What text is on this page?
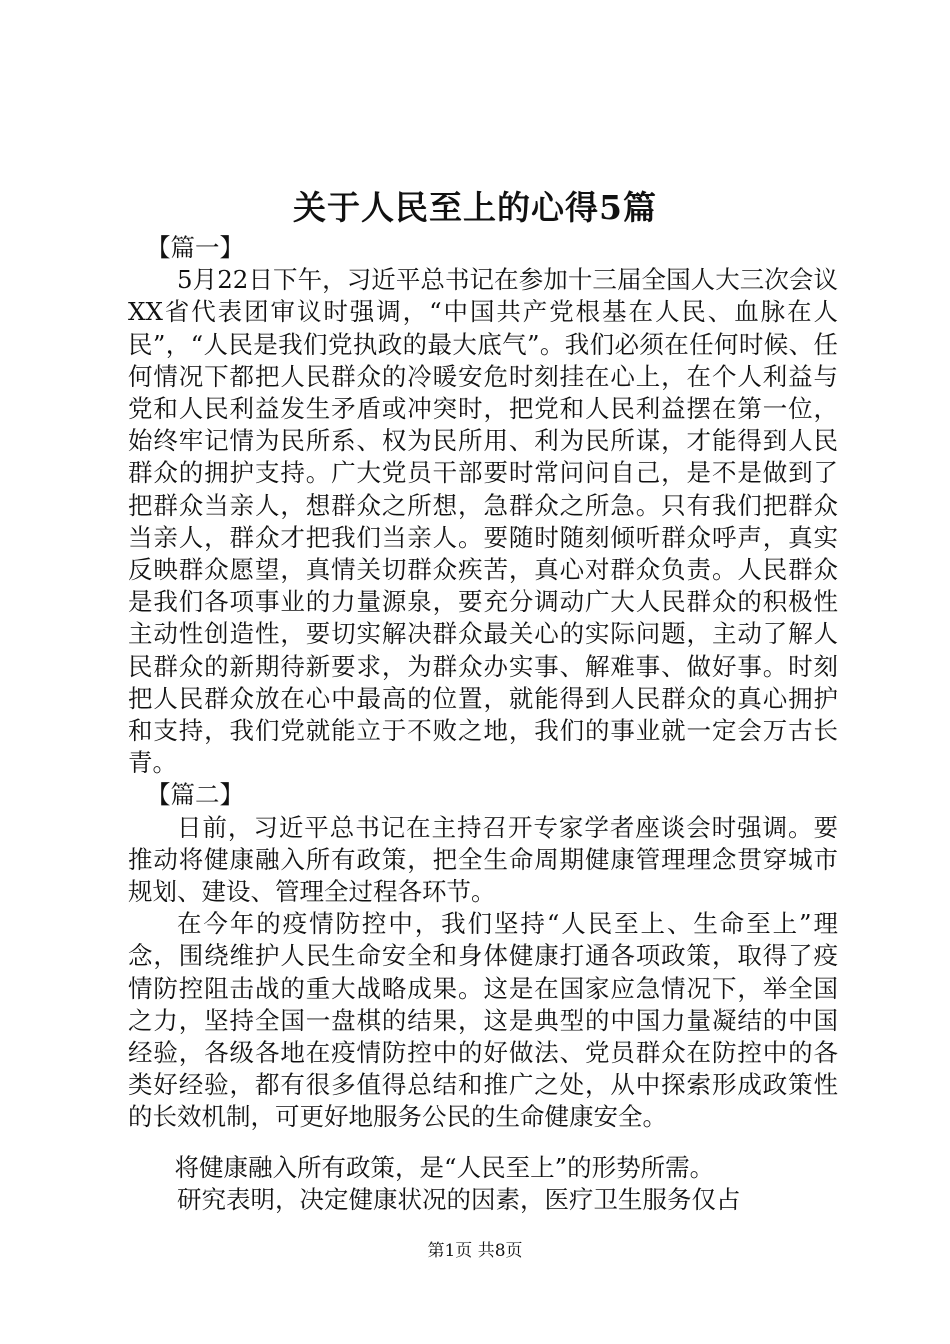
关于人民至上的心得5篇

【篇一】

5月22日下午，习近平总书记在参加十三届全国人大三次会议XX省代表团审议时强调，“中国共产党根基在人民、血脉在人民”，“人民是我们党执政的最大底气”。我们必须在任何时候、任何情况下都把人民群众的冷暖安危时刻挂在心上，在个人利益与党和人民利益发生矛盾或冲突时，把党和人民利益摆在第一位，始终牢记情为民所系、权为民所用、利为民所谋，才能得到人民群众的拥护支持。广大党员干部要时常问问自己，是不是做到了把群众当亲人，想群众之所想，急群众之所急。只有我们把群众当亲人，群众才把我们当亲人。要随时随刻倾听群众呼声，真实反映群众愿望，真情关切群众疾苦，真心对群众负责。人民群众是我们各项事业的力量源泉，要充分调动广大人民群众的积极性主动性创造性，要切实解决群众最关心的实际问题，主动了解人民群众的新期待新要求，为群众办实事、解难事、做好事。时刻把人民群众放在心中最高的位置，就能得到人民群众的真心拥护和支持，我们党就能立于不败之地，我们的事业就一定会万古长青。

【篇二】

日前，习近平总书记在主持召开专家学者座谈会时强调。要推动将健康融入所有政策，把全生命周期健康管理理念贯穿城市规划、建设、管理全过程各环节。

在今年的疫情防控中，我们坚持“人民至上、生命至上”理念，围绕维护人民生命安全和身体健康打通各项政策，取得了疫情防控阻击战的重大战略成果。这是在国家应急情况下，举全国之力，坚持全国一盘棋的结果，这是典型的中国力量凝结的中国经验，各级各地在疫情防控中的好做法、党员群众在防控中的各类好经验，都有很多值得总结和推广之处，从中探索形成政策性的长效机制，可更好地服务公民的生命健康安全。

将健康融入所有政策，是“人民至上”的形势所需。

研究表明，决定健康状况的因素，医疗卫生服务仅占

第1页 共8页
